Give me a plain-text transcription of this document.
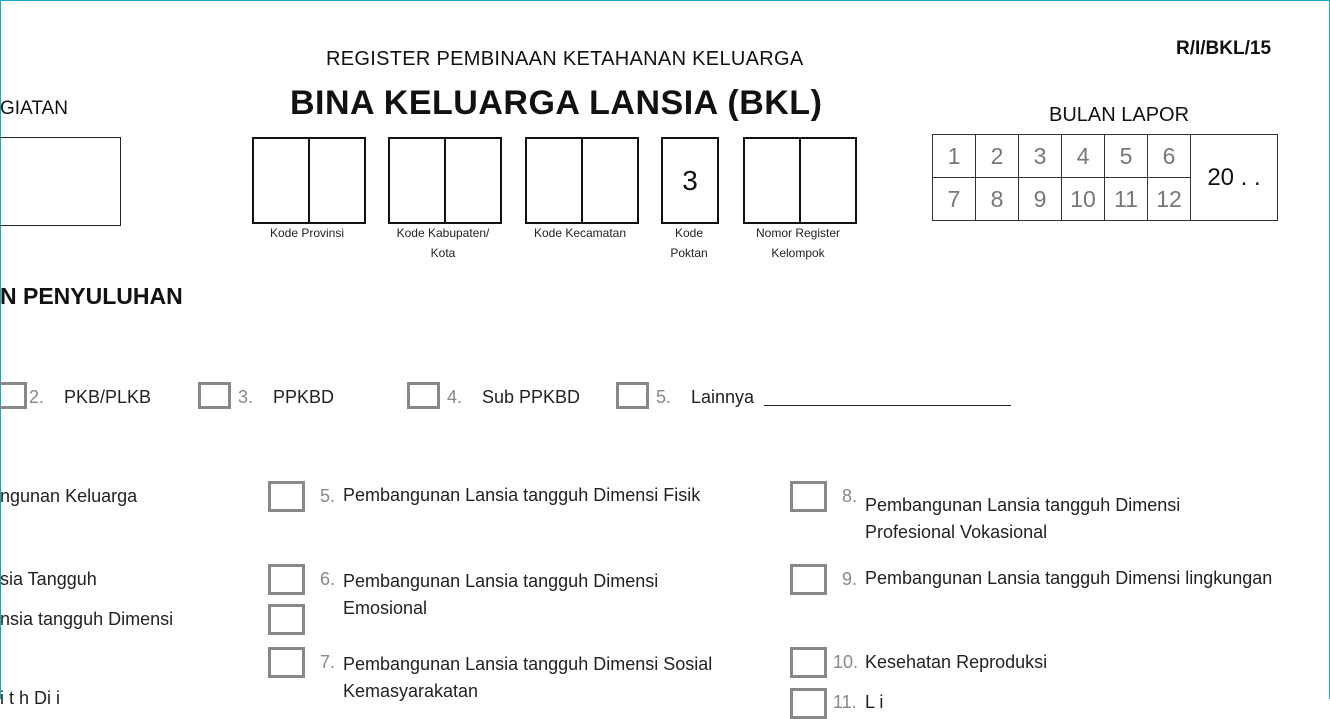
REGISTER PEMBINAAN KETAHANAN KELUARGA
BINA KELUARGA LANSIA (BKL)
R/I/BKL/15
GIATAN
3
Kode Provinsi	Kode Kabupaten/
Kota
Kode Kecamatan	Kode
Poktan
Nomor Register
Kelompok
BULAN LAPOR
1	2	3	4	5	6	20 . .
7	8	9	10	11	12	
N PENYULUHAN
2. PKB/PLKB	3. PPKBD	4. Sub PPKBD	5. Lainnya
ngunan Keluarga
sia Tangguh
nsia tangguh Dimensi
i t h Di i
5. Pembangunan Lansia tangguh Dimensi Fisik
6. Pembangunan Lansia tangguh Dimensi
Emosional
7. Pembangunan Lansia tangguh Dimensi Sosial
Kemasyarakatan
8. Pembangunan Lansia tangguh Dimensi
Profesional Vokasional
9. Pembangunan Lansia tangguh Dimensi lingkungan
10. Kesehatan Reproduksi
11. L i
